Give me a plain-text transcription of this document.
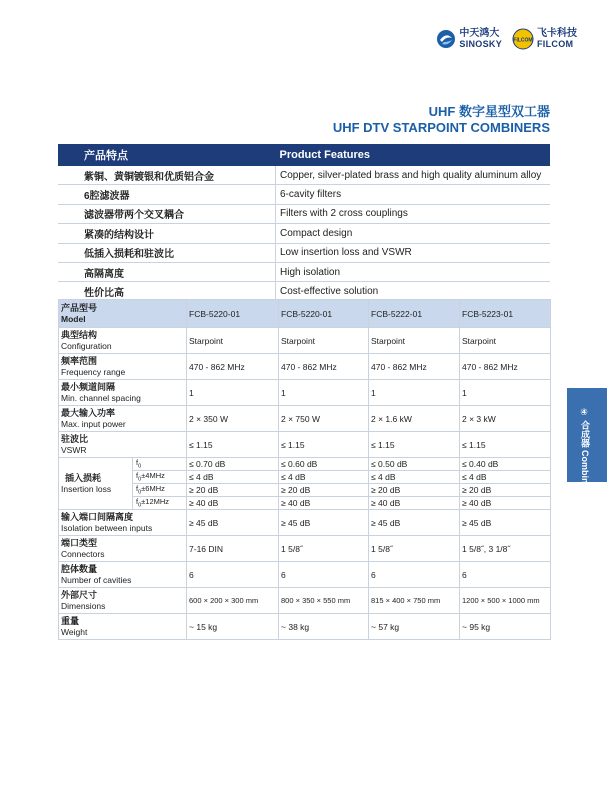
中天鸿大
SINOSKY FILCOM
飞卡科技
FILCOM
UHF 数字星型双工器
UHF DTV STARPOINT COMBINERS
产品特点	Product Features
紫铜、黄铜镀银和优质铝合金	Copper, silver-plated brass and high quality aluminum alloy
6腔滤波器	6-cavity filters
滤波器带两个交叉耦合	Filters with 2 cross couplings
紧凑的结构设计	Compact design
低插入损耗和驻波比	Low insertion loss and VSWR
高隔离度	High isolation
性价比高	Cost-effective solution
产品型号
Model		FCB-5220-01	FCB-5220-01	FCB-5222-01	FCB-5223-01

典型结构
Configuration		Starpoint	Starpoint	Starpoint	Starpoint

频率范围
Frequency range		470 - 862 MHz	470 - 862 MHz	470 - 862 MHz	470 - 862 MHz

最小频道间隔
Min. channel spacing		1	1	1	1

最大输入功率
Max. input power		2 × 350 W	2 × 750 W	2 × 1.6 kW	2 × 3 kW

驻波比
VSWR		≤ 1.15	≤ 1.15	≤ 1.15	≤ 1.15

插入损耗
Insertion loss	$f_0$	≤ 0.70 dB	≤ 0.60 dB	≤ 0.50 dB	≤ 0.40 dB
	$f_0\pm 4MHz$	≤ 4 dB	≤ 4 dB	≤ 4 dB	≤ 4 dB
	$f_0\pm 6MHz$	≥ 20 dB	≥ 20 dB	≥ 20 dB	≥ 20 dB
	$f_0\pm 12MHz$	≥ 40 dB	≥ 40 dB	≥ 40 dB	≥ 40 dB

输入端口间隔离度
Isolation between inputs		≥ 45 dB	≥ 45 dB	≥ 45 dB	≥ 45 dB

端口类型
Connectors		7-16 DIN	1 5/8˝	1 5/8˝	1 5/8˝, 3 1/8˝

腔体数量
Number of cavities		6	6	6	6

外部尺寸
Dimensions		600 × 200 × 300 mm	800 × 350 × 550 mm	815 × 400 × 750 mm	1200 × 500 × 1000 mm

重量
Weight		~ 15 kg	~ 38 kg	~ 57 kg	~ 95 kg
④ 合成器 Combiners
